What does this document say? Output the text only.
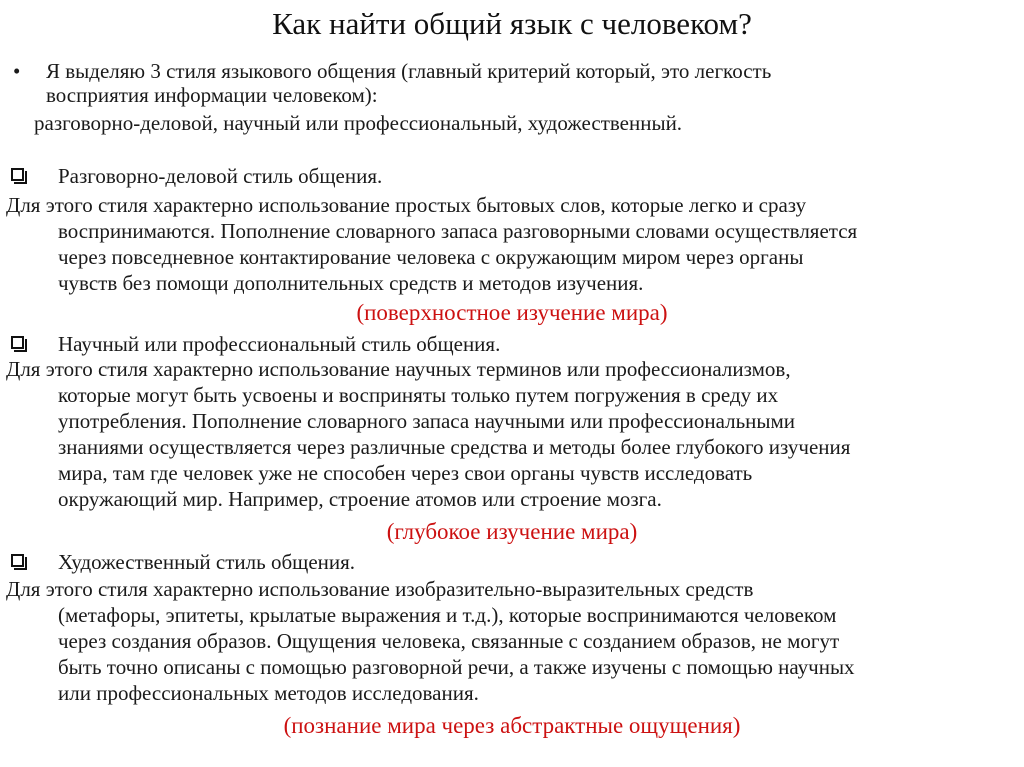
Как найти общий язык с человеком?
• Я выделяю 3 стиля языкового общения (главный критерий который, это легкость
восприятия информации человеком):
разговорно-деловой, научный или профессиональный, художественный.
Разговорно-деловой стиль общения.
Для этого стиля характерно использование простых бытовых слов, которые легко и сразу
воспринимаются. Пополнение словарного запаса разговорными словами осуществляется
через повседневное контактирование человека с окружающим миром через органы
чувств без помощи дополнительных средств и методов изучения.
(поверхностное изучение мира)
Научный или профессиональный стиль общения.
Для этого стиля характерно использование научных терминов или профессионализмов,
которые могут быть усвоены и восприняты только путем погружения в среду их
употребления. Пополнение словарного запаса научными или профессиональными
знаниями осуществляется через различные средства и методы более глубокого изучения
мира, там где человек уже не способен через свои органы чувств исследовать
окружающий мир. Например, строение атомов или строение мозга.
(глубокое изучение мира)
Художественный стиль общения.
Для этого стиля характерно использование изобразительно-выразительных средств
(метафоры, эпитеты, крылатые выражения и т.д.), которые воспринимаются человеком
через создания образов. Ощущения человека, связанные с созданием образов, не могут
быть точно описаны с помощью разговорной речи, а также изучены с помощью научных
или профессиональных методов исследования.
(познание мира через абстрактные ощущения)
